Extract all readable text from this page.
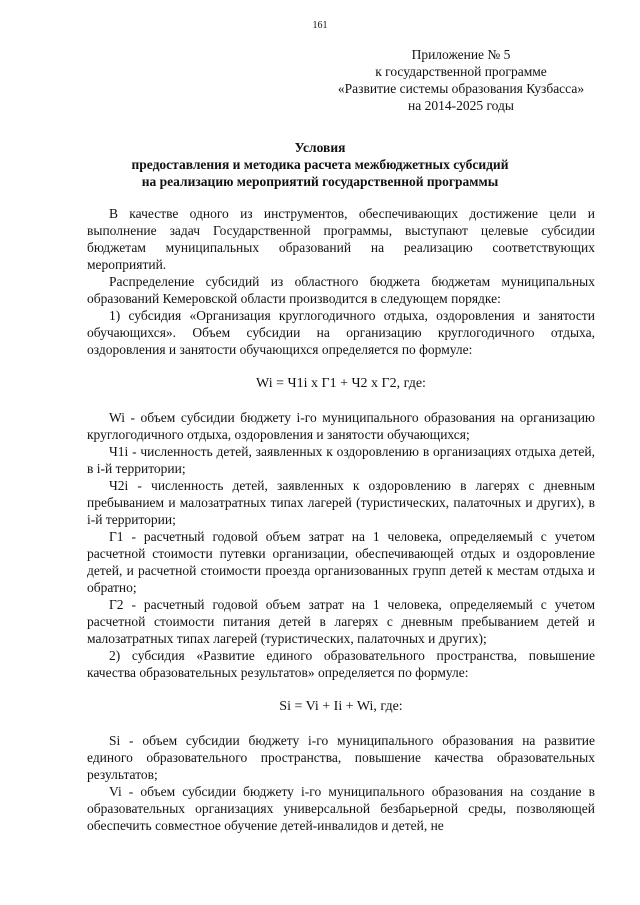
161
Приложение № 5
к государственной программе
«Развитие системы образования Кузбасса»
на 2014-2025 годы
Условия
предоставления и методика расчета межбюджетных субсидий
на реализацию мероприятий государственной программы

В качестве одного из инструментов, обеспечивающих достижение цели и выполнение задач Государственной программы, выступают целевые субсидии бюджетам муниципальных образований на реализацию соответствующих мероприятий.

Распределение субсидий из областного бюджета бюджетам муниципальных образований Кемеровской области производится в следующем порядке:

1) субсидия «Организация круглогодичного отдыха, оздоровления и занятости обучающихся». Объем субсидии на организацию круглогодичного отдыха, оздоровления и занятости обучающихся определяется по формуле:

Wi = Ч1i х Г1 + Ч2 х Г2, где:

Wi - объем субсидии бюджету i-го муниципального образования на организацию круглогодичного отдыха, оздоровления и занятости обучающихся;

Ч1i - численность детей, заявленных к оздоровлению в организациях отдыха детей, в i-й территории;

Ч2i - численность детей, заявленных к оздоровлению в лагерях с дневным пребыванием и малозатратных типах лагерей (туристических, палаточных и других), в i-й территории;

Г1 - расчетный годовой объем затрат на 1 человека, определяемый с учетом расчетной стоимости путевки организации, обеспечивающей отдых и оздоровление детей, и расчетной стоимости проезда организованных групп детей к местам отдыха и обратно;

Г2 - расчетный годовой объем затрат на 1 человека, определяемый с учетом расчетной стоимости питания детей в лагерях с дневным пребыванием детей и малозатратных типах лагерей (туристических, палаточных и других);

2) субсидия «Развитие единого образовательного пространства, повышение качества образовательных результатов» определяется по формуле:

Si = Vi + Ii + Wi, где:

Si - объем субсидии бюджету i-го муниципального образования на развитие единого образовательного пространства, повышение качества образовательных результатов;

Vi - объем субсидии бюджету i-го муниципального образования на создание в образовательных организациях универсальной безбарьерной среды, позволяющей обеспечить совместное обучение детей-инвалидов и детей, не
